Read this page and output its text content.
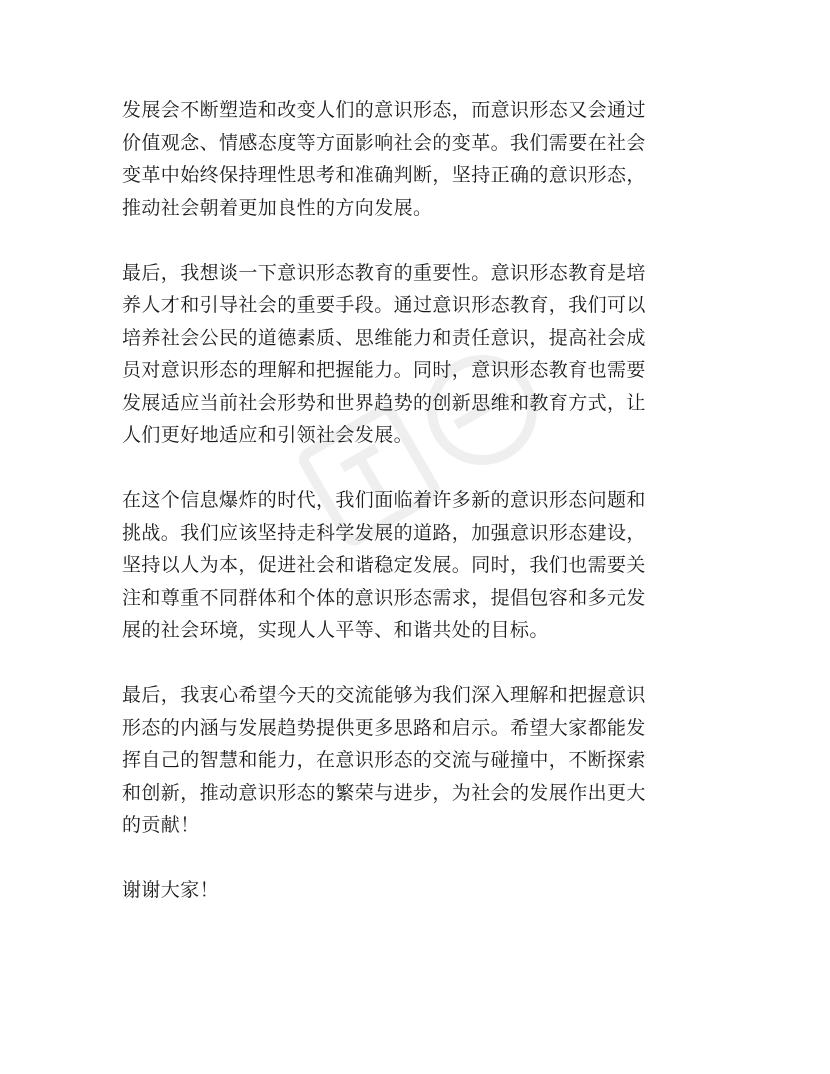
发展会不断塑造和改变人们的意识形态，而意识形态又会通过
价值观念、情感态度等方面影响社会的变革。我们需要在社会
变革中始终保持理性思考和准确判断，坚持正确的意识形态，
推动社会朝着更加良性的方向发展。

最后，我想谈一下意识形态教育的重要性。意识形态教育是培
养人才和引导社会的重要手段。通过意识形态教育，我们可以
培养社会公民的道德素质、思维能力和责任意识，提高社会成
员对意识形态的理解和把握能力。同时，意识形态教育也需要
发展适应当前社会形势和世界趋势的创新思维和教育方式，让
人们更好地适应和引领社会发展。

在这个信息爆炸的时代，我们面临着许多新的意识形态问题和
挑战。我们应该坚持走科学发展的道路，加强意识形态建设，
坚持以人为本，促进社会和谐稳定发展。同时，我们也需要关
注和尊重不同群体和个体的意识形态需求，提倡包容和多元发
展的社会环境，实现人人平等、和谐共处的目标。

最后，我衷心希望今天的交流能够为我们深入理解和把握意识
形态的内涵与发展趋势提供更多思路和启示。希望大家都能发
挥自己的智慧和能力，在意识形态的交流与碰撞中，不断探索
和创新，推动意识形态的繁荣与进步，为社会的发展作出更大
的贡献！

谢谢大家！
